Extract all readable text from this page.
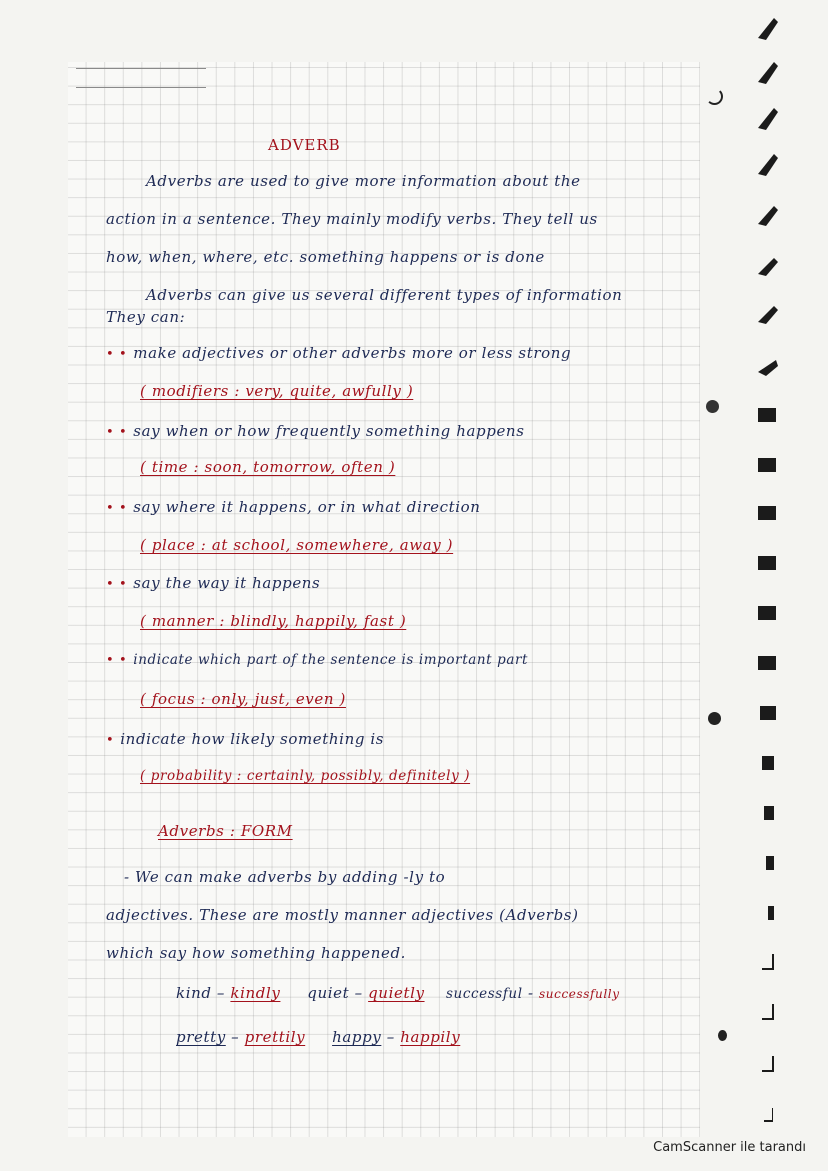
ADVERB
Adverbs are used to give more information about the
action in a sentence. They mainly modify verbs. They tell us
how, when, where, etc. something happens or is done
Adverbs can give us several different types of information
They can:
• • make adjectives or other adverbs more or less strong
( modifiers : very, quite, awfully )
• • say when or how frequently something happens
( time : soon, tomorrow, often )
• • say where it happens, or in what direction
( place : at school, somewhere, away )
• • say the way it happens
( manner : blindly, happily, fast )
• • indicate which part of the sentence is important part
( focus : only, just, even )
• indicate how likely something is
( probability : certainly, possibly, definitely )
Adverbs : FORM
- We can make adverbs by adding -ly to
adjectives. These are mostly manner adjectives (Adverbs)
which say how something happened.
kind – kindly quiet – quietly successful - successfully
pretty – prettily happy – happily
CamScanner ile tarandı
